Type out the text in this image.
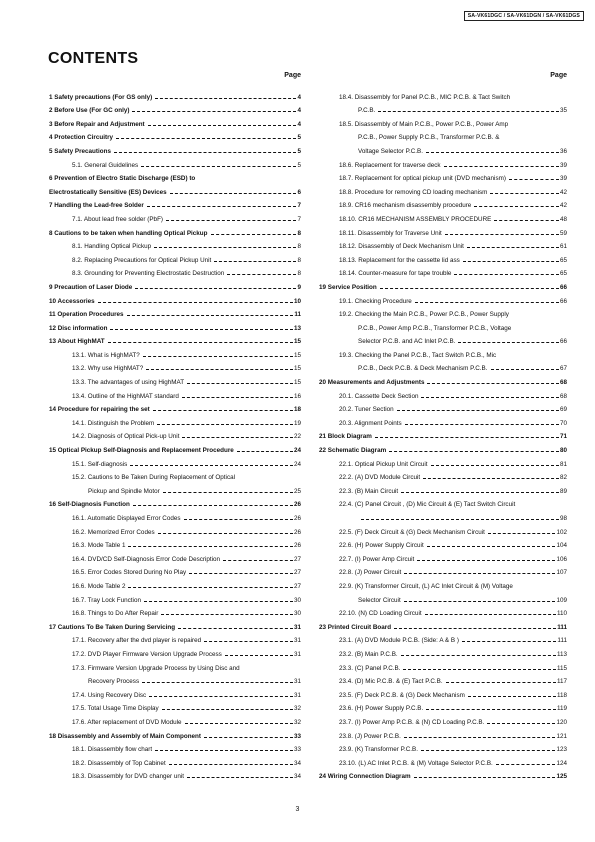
SA-VK61DGC / SA-VK61DGN / SA-VK61DGS
CONTENTS
Page
1 Safety precautions (For GS only)	4
2 Before Use (For GC only)	4
3 Before Repair and Adjustment	4
4 Protection Circuitry	5
5 Safety Precautions	5
5.1. General Guidelines	5
6 Prevention of Electro Static Discharge (ESD) to
Electrostatically Sensitive (ES) Devices	6
7 Handling the Lead-free Solder	7
7.1. About lead free solder (PbF)	7
8 Cautions to be taken when handling Optical Pickup	8
8.1. Handling Optical Pickup	8
8.2. Replacing Precautions for Optical Pickup Unit	8
8.3. Grounding for Preventing Electrostatic Destruction	8
9 Precaution of Laser Diode	9
10 Accessories	10
11 Operation Procedures	11
12 Disc information	13
13 About HighMAT	15
13.1. What is HighMAT?	15
13.2. Why use HighMAT?	15
13.3. The advantages of using HighMAT	15
13.4. Outline of the HighMAT standard	16
14 Procedure for repairing the set	18
14.1. Distinguish the Problem	19
14.2. Diagnosis of Optical Pick-up Unit	22
15 Optical Pickup Self-Diagnosis and Replacement Procedure	24
15.1. Self-diagnosis	24
15.2. Cautions to Be Taken During Replacement of Optical
Pickup and Spindle Motor	25
16 Self-Diagnosis Function	26
16.1. Automatic Displayed Error Codes	26
16.2. Memorized Error Codes	26
16.3. Mode Table 1	26
16.4. DVD/CD Self-Diagnosis Error Code Description	27
16.5. Error Codes Stored During No Play	27
16.6. Mode Table 2	27
16.7. Tray Lock Function	30
16.8. Things to Do After Repair	30
17 Cautions To Be Taken During Servicing	31
17.1. Recovery after the dvd player is repaired	31
17.2. DVD Player Firmware Version Upgrade Process	31
17.3. Firmware Version Upgrade Process by Using Disc and
Recovery Process	31
17.4. Using Recovery Disc	31
17.5. Total Usage Time Display	32
17.6. After replacement of DVD Module	32
18 Disassembly and Assembly of Main Component	33
18.1. Disassembly flow chart	33
18.2. Disassembly of Top Cabinet	34
18.3. Disassembly for DVD changer unit	34
Page
18.4. Disassembly for Panel P.C.B., MIC P.C.B. & Tact Switch
P.C.B.	35
18.5. Disassembly of Main P.C.B., Power P.C.B., Power Amp
P.C.B., Power Supply P.C.B., Transformer P.C.B. &
Voltage Selector P.C.B.	36
18.6. Replacement for traverse deck	39
18.7. Replacement for optical pickup unit (DVD mechanism)	39
18.8. Procedure for removing CD loading mechanism	42
18.9. CR16 mechanism disassembly procedure	42
18.10. CR16 MECHANISM ASSEMBLY PROCEDURE	48
18.11. Disassembly for Traverse Unit	59
18.12. Disassembly of Deck Mechanism Unit	61
18.13. Replacement for the cassette lid ass	65
18.14. Counter-measure for tape trouble	65
19 Service Position	66
19.1. Checking Procedure	66
19.2. Checking the Main P.C.B., Power P.C.B., Power Supply
P.C.B., Power Amp P.C.B., Transformer P.C.B., Voltage
Selector P.C.B. and AC Inlet P.C.B.	66
19.3. Checking the Panel P.C.B., Tact Switch P.C.B., Mic
P.C.B., Deck P.C.B. & Deck Mechanism P.C.B.	67
20 Measurements and Adjustments	68
20.1. Cassette Deck Section	68
20.2. Tuner Section	69
20.3. Alignment Points	70
21 Block Diagram	71
22 Schematic Diagram	80
22.1. Optical Pickup Unit Circuit	81
22.2. (A) DVD Module Circuit	82
22.3. (B) Main Circuit	89
22.4. (C) Panel Circuit , (D) Mic Circuit & (E) Tact Switch Circuit
98
22.5. (F) Deck Circuit & (G) Deck Mechanism Circuit	102
22.6. (H) Power Supply Circuit	104
22.7. (I) Power Amp Circuit	106
22.8. (J) Power Circuit	107
22.9. (K) Transformer Circuit, (L) AC Inlet Circuit & (M) Voltage
Selector Circuit	109
22.10. (N) CD Loading Circuit	110
23 Printed Circuit Board	111
23.1. (A) DVD Module P.C.B. (Side: A & B )	111
23.2. (B) Main P.C.B.	113
23.3. (C) Panel P.C.B.	115
23.4. (D) Mic P.C.B. & (E) Tact P.C.B.	117
23.5. (F) Deck P.C.B. & (G) Deck Mechanism	118
23.6. (H) Power Supply P.C.B.	119
23.7. (I) Power Amp P.C.B. & (N) CD Loading P.C.B.	120
23.8. (J) Power P.C.B.	121
23.9. (K) Transformer P.C.B.	123
23.10. (L) AC Inlet P.C.B. & (M) Voltage Selector P.C.B.	124
24 Wiring Connection Diagram	125
3
